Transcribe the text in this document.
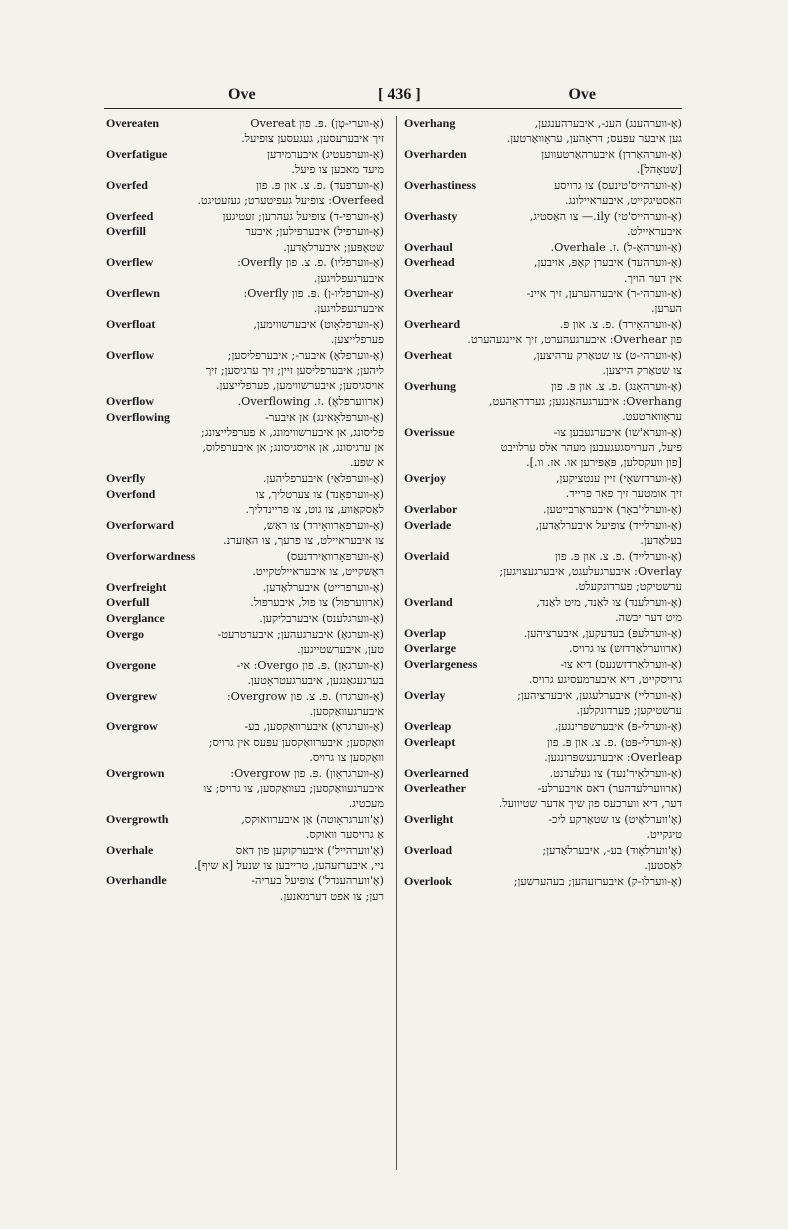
Ove	[ 436 ]	Ove
Overeaten	(אָ-ווערי-טְן) .פּ. פון Overeat
זיך איבערעסען, געגעסען צופיעל.
Overfatigue	(אָ-ווערפעטיג) איבערמידען
מיעד מאכען צו פיעל.
Overfed	(אָ-ווערפעד) .פ. צ. און פּ. פון
Overfeed: צופיעל געפיטערט; געזעטיגט.
Overfeed	(אָ-ווערפי-ד) צופיעל געהרען; זעטיגען
Overfill	(אָ-ווערפיל) איבערפילען; איבער
שטאָפּען; איבערלאַדען.
Overflew	(אָ-ווערפליו) .פ. צ. פון Overfly:
איבערגעפלויגען.
Overflewn	(אָ-ווערפליו-ן) .פּ. פון Overfly:
איבערגעפלויגען.
Overfloat	(אָ-ווערפלאָוט) איבערשווימען,
פערפלייצען.
Overflow	(אָ-ווערפלאָ) איבער-; איבערפליסען;
ליהען; איבערפליסען זיין; זיך ערגיסען; זיך
אויסגיסען; איבערשווימען, פערפלייצען.
Overflow	(ארווערפלאָ) .ז. Overflowing.
Overflowing	(אָ-ווערפלאָאינג) אן איבער-
פליסונג, אן איבערשווימונג, א פערפלייצונג;
אן ערגיסונג, אן אויסגיסונג; אן איבערפלוס,
א שפע.
Overfly	(אָ-ווערפלאַי) איבערפליהען.
Overfond	(אָ-ווערפאָנד) צו צערטליך, צו
לאַסקאַווע, צו גוט, צו פריינדליך.
Overforward	(אָ-ווערפאָרוואָירד) צו ראַש,
צו איבעראיילט, צו פרעך, צו האַזערנ.
Overforwardness	(אָ-ווערפאָרוואַירדנעס)
ראַשקייט, צו איבעראיילטקייט.
Overfreight	(אָ-ווערפרייט) איבערלאַדען.
Overfull	(ארווערפול) צו פול, איבערפול.
Overglance	(אָ-ווערגלענס) איבערבליקען.
Overgo	(אָ-ווערגאָ) איבערגעהען; איבערטרעט-
טען, איבערשטייגען.
Overgone	(אָ-ווערגאָן) .פּ. פון Overgo: אי-
בערגעגאַנגען, איבערגעטראָטען.
Overgrew	(אָ-ווערגרו) .פ. צ. פון Overgrow:
איבערגעוואַקסען.
Overgrow	(אָ-ווערגראָ) איבערוואַקסען, בע-
וואַקסען; איבערוואַקסען עפּעס אין גרויס;
וואַקסען צו גרויס.
Overgrown	(אָ-ווערגראָון) .פּ. פון Overgrow:
איבערגעוואַקסען; בעוואַקסען, צו גרויס; צו
מעכטיג.
Overgrowth	(אָ'ווערגראָוטה) אַן איבערוואוקס,
אַ גרויסער וואוקס.
Overhale	(אָ'ווערהייל') איבערקוקען פון דאס
ניי, איבערזעהען, טרייבען צו שנעל [א שיף].
Overhandle	(אָ'ווערהענדל') צופיעל בעריה-
רען; צו אפט דערמאנען.
Overhang	(אָ-ווערהענג) הענ-, איבערהענגען,
גען איבער עפּעס; דראָהען, עראָוואַרטען.
Overharden	(אָ-ווערהאַרדן) איבערהאַרטעווען
[שטאָהל].
Overhastiness	(אָ-ווערהייס'טינעס) צו גרויסע
האַסטיגקייט, איבעראיילונג.
Overhasty	(אָ-ווערהייס'טי) ily.— צו האַסטיג,
איבעראיילט.
Overhaul	(אָ-ווערהאָ-ל) .ז. Overhale.
Overhead	(אָ-ווערהעד) איבערן קאָפּ, אויבען,
אין דער הויך.
Overhear	(אָ-ווערהי-ר) איבערהערען, זיך איינ-
הערען.
Overheard	(אָ-ווערהאָירד) .פ. צ. און פּ.
פון Overhear: איבערגעהערט, זיך איינגעהערט.
Overheat	(אָ-ווערהי-ט) צו שטאַרק ערהיצען,
צו שטאַרק הייצען.
Overhung	(אָ-ווערהאָנג) .פ. צ. און פּ. פון
Overhang: איבערגעהאַנגען; גערדראָהעט,
עראָווארטעט.
Overissue	(אָ-ווערא'שו) איבערגעבען צו-
פיעל, הערויסגעגעבען מעהר אלס ערלויבט
[פון וועקסלען, פּאַפּירען או. אז. וו.].
Overjoy	(אָ-ווערדזשאָי) זיין ענטציקען,
זיך אומטער זיך פאר פרייד.
Overlabor	(אָ-ווערלי'באָר) איבעראַרבייטען.
Overlade	(אָ-ווערלייד) צופיעל איבערלאַדען,
בעלאַדען.
Overlaid	(אָ-ווערלייד) .פ. צ. און פּ. פון
Overlay: איבערגעלעגט, איבערגעצויגען;
ערשטיקט; פערדונקעלט.
Overland	(אָ-ווערלענד) צו לאַנד, מיט לאַנד,
מיט דער יבשה.
Overlap	(אָ-ווערלעפּ) בעדעקען, איבערציהען.
Overlarge	(ארווערלאַרדזש) צו גרויס.
Overlargeness	(אָ-ווערלאַרדזשנעס) דיא צו-
גרויסקייט, דיא איבערמעסיגע גרויס.
Overlay	(אָ-ווערליי) איבערלעגען, איבערציהען;
ערשטיקען; פערדונקלען.
Overleap	(אָ-ווערלי-פּ) איבערשפּרינגען.
Overleapt	(אָ-ווערלי-פּט) .פ. צ. און פּ. פון
Overleap: איבערגעשפּרונגען.
Overlearned	(אָ-ווערלאָיר'נעד) צו געלערנט.
Overleather	(ארווערלעדהער) דאס אויבערלע-
דער, דיא ווערכעס פון שיך אדער שטיוועל.
Overlight	(אָ'ווערלאַיט) צו שטאַרקע ליכ-
טיגקייט.
Overload	(אָ'ווערלאָוד) בע-, איבערלאַדען;
לאַסטען.
Overlook	(אָ-ווערלו-ק) איבערזעהען; בעהערשען;
